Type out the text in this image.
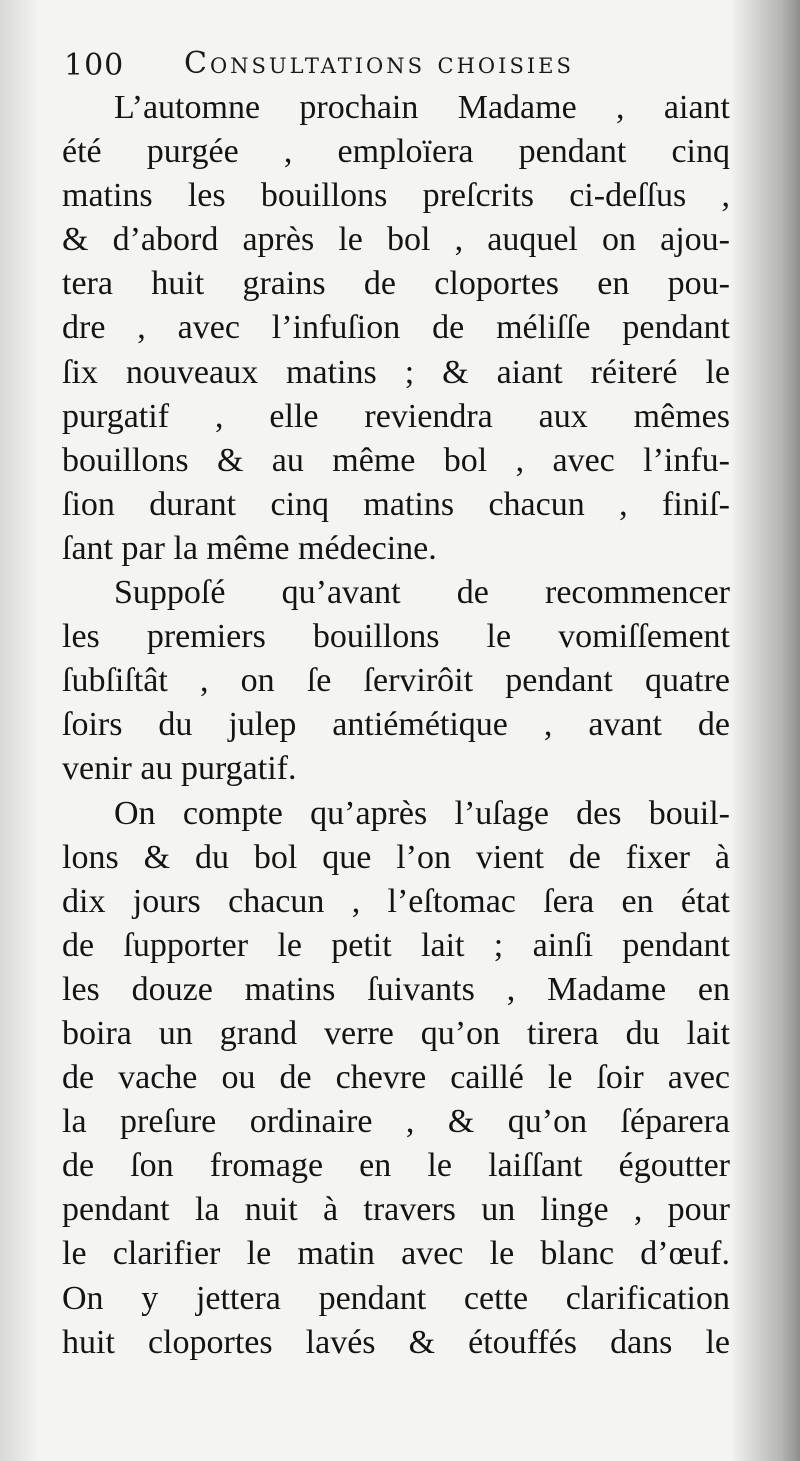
100 Consultations choisies
L’automne prochain Madame , aiant
été purgée , emploïera pendant cinq
matins les bouillons preſcrits ci-deſſus ,
& d’abord après le bol , auquel on ajou-
tera huit grains de cloportes en pou-
dre , avec l’infuſion de méliſſe pendant
ſix nouveaux matins ; & aiant réiteré le
purgatif , elle reviendra aux mêmes
bouillons & au même bol , avec l’infu-
ſion durant cinq matins chacun , finiſ-
ſant par la même médecine.
Suppoſé qu’avant de recommencer
les premiers bouillons le vomiſſement
ſubſiſtât , on ſe ſervirôit pendant quatre
ſoirs du julep antiémétique , avant de
venir au purgatif.
On compte qu’après l’uſage des bouil-
lons & du bol que l’on vient de fixer à
dix jours chacun , l’eſtomac ſera en état
de ſupporter le petit lait ; ainſi pendant
les douze matins ſuivants , Madame en
boira un grand verre qu’on tirera du lait
de vache ou de chevre caillé le ſoir avec
la preſure ordinaire , & qu’on ſéparera
de ſon fromage en le laiſſant égoutter
pendant la nuit à travers un linge , pour
le clarifier le matin avec le blanc d’œuf.
On y jettera pendant cette clarification
huit cloportes lavés & étouffés dans le
